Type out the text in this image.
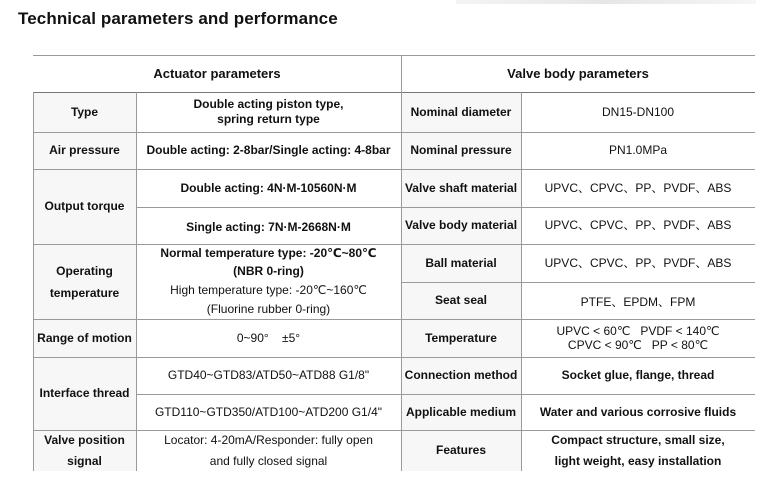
Technical parameters and performance
Actuator parameters	Valve body parameters
Type
Air pressure
Output torque
Operating
temperature
Range of motion
Interface thread
Valve position
signal
Double acting piston type,
spring return type
Double acting: 2-8bar/Single acting: 4-8bar
Double acting: 4N·M-10560N·M
Single acting: 7N·M-2668N·M
Normal temperature type: -20℃~80℃
(NBR 0-ring)
High temperature type: -20℃~160℃
(Fluorine rubber 0-ring)
0~90°    ±5°
GTD40~GTD83/ATD50~ATD88 G1/8"
GTD110~GTD350/ATD100~ATD200 G1/4"
Locator: 4-20mA/Responder: fully open
and fully closed signal
Nominal diameter
Nominal pressure
Valve shaft material
Valve body material
Ball material
Seat seal
Temperature
Connection method
Applicable medium
Features
DN15-DN100
PN1.0MPa
UPVC、CPVC、PP、PVDF、ABS
UPVC、CPVC、PP、PVDF、ABS
UPVC、CPVC、PP、PVDF、ABS
PTFE、EPDM、FPM
UPVC < 60℃   PVDF < 140℃
CPVC < 90℃   PP < 80℃
Socket glue, flange, thread
Water and various corrosive fluids
Compact structure, small size,
light weight, easy installation
